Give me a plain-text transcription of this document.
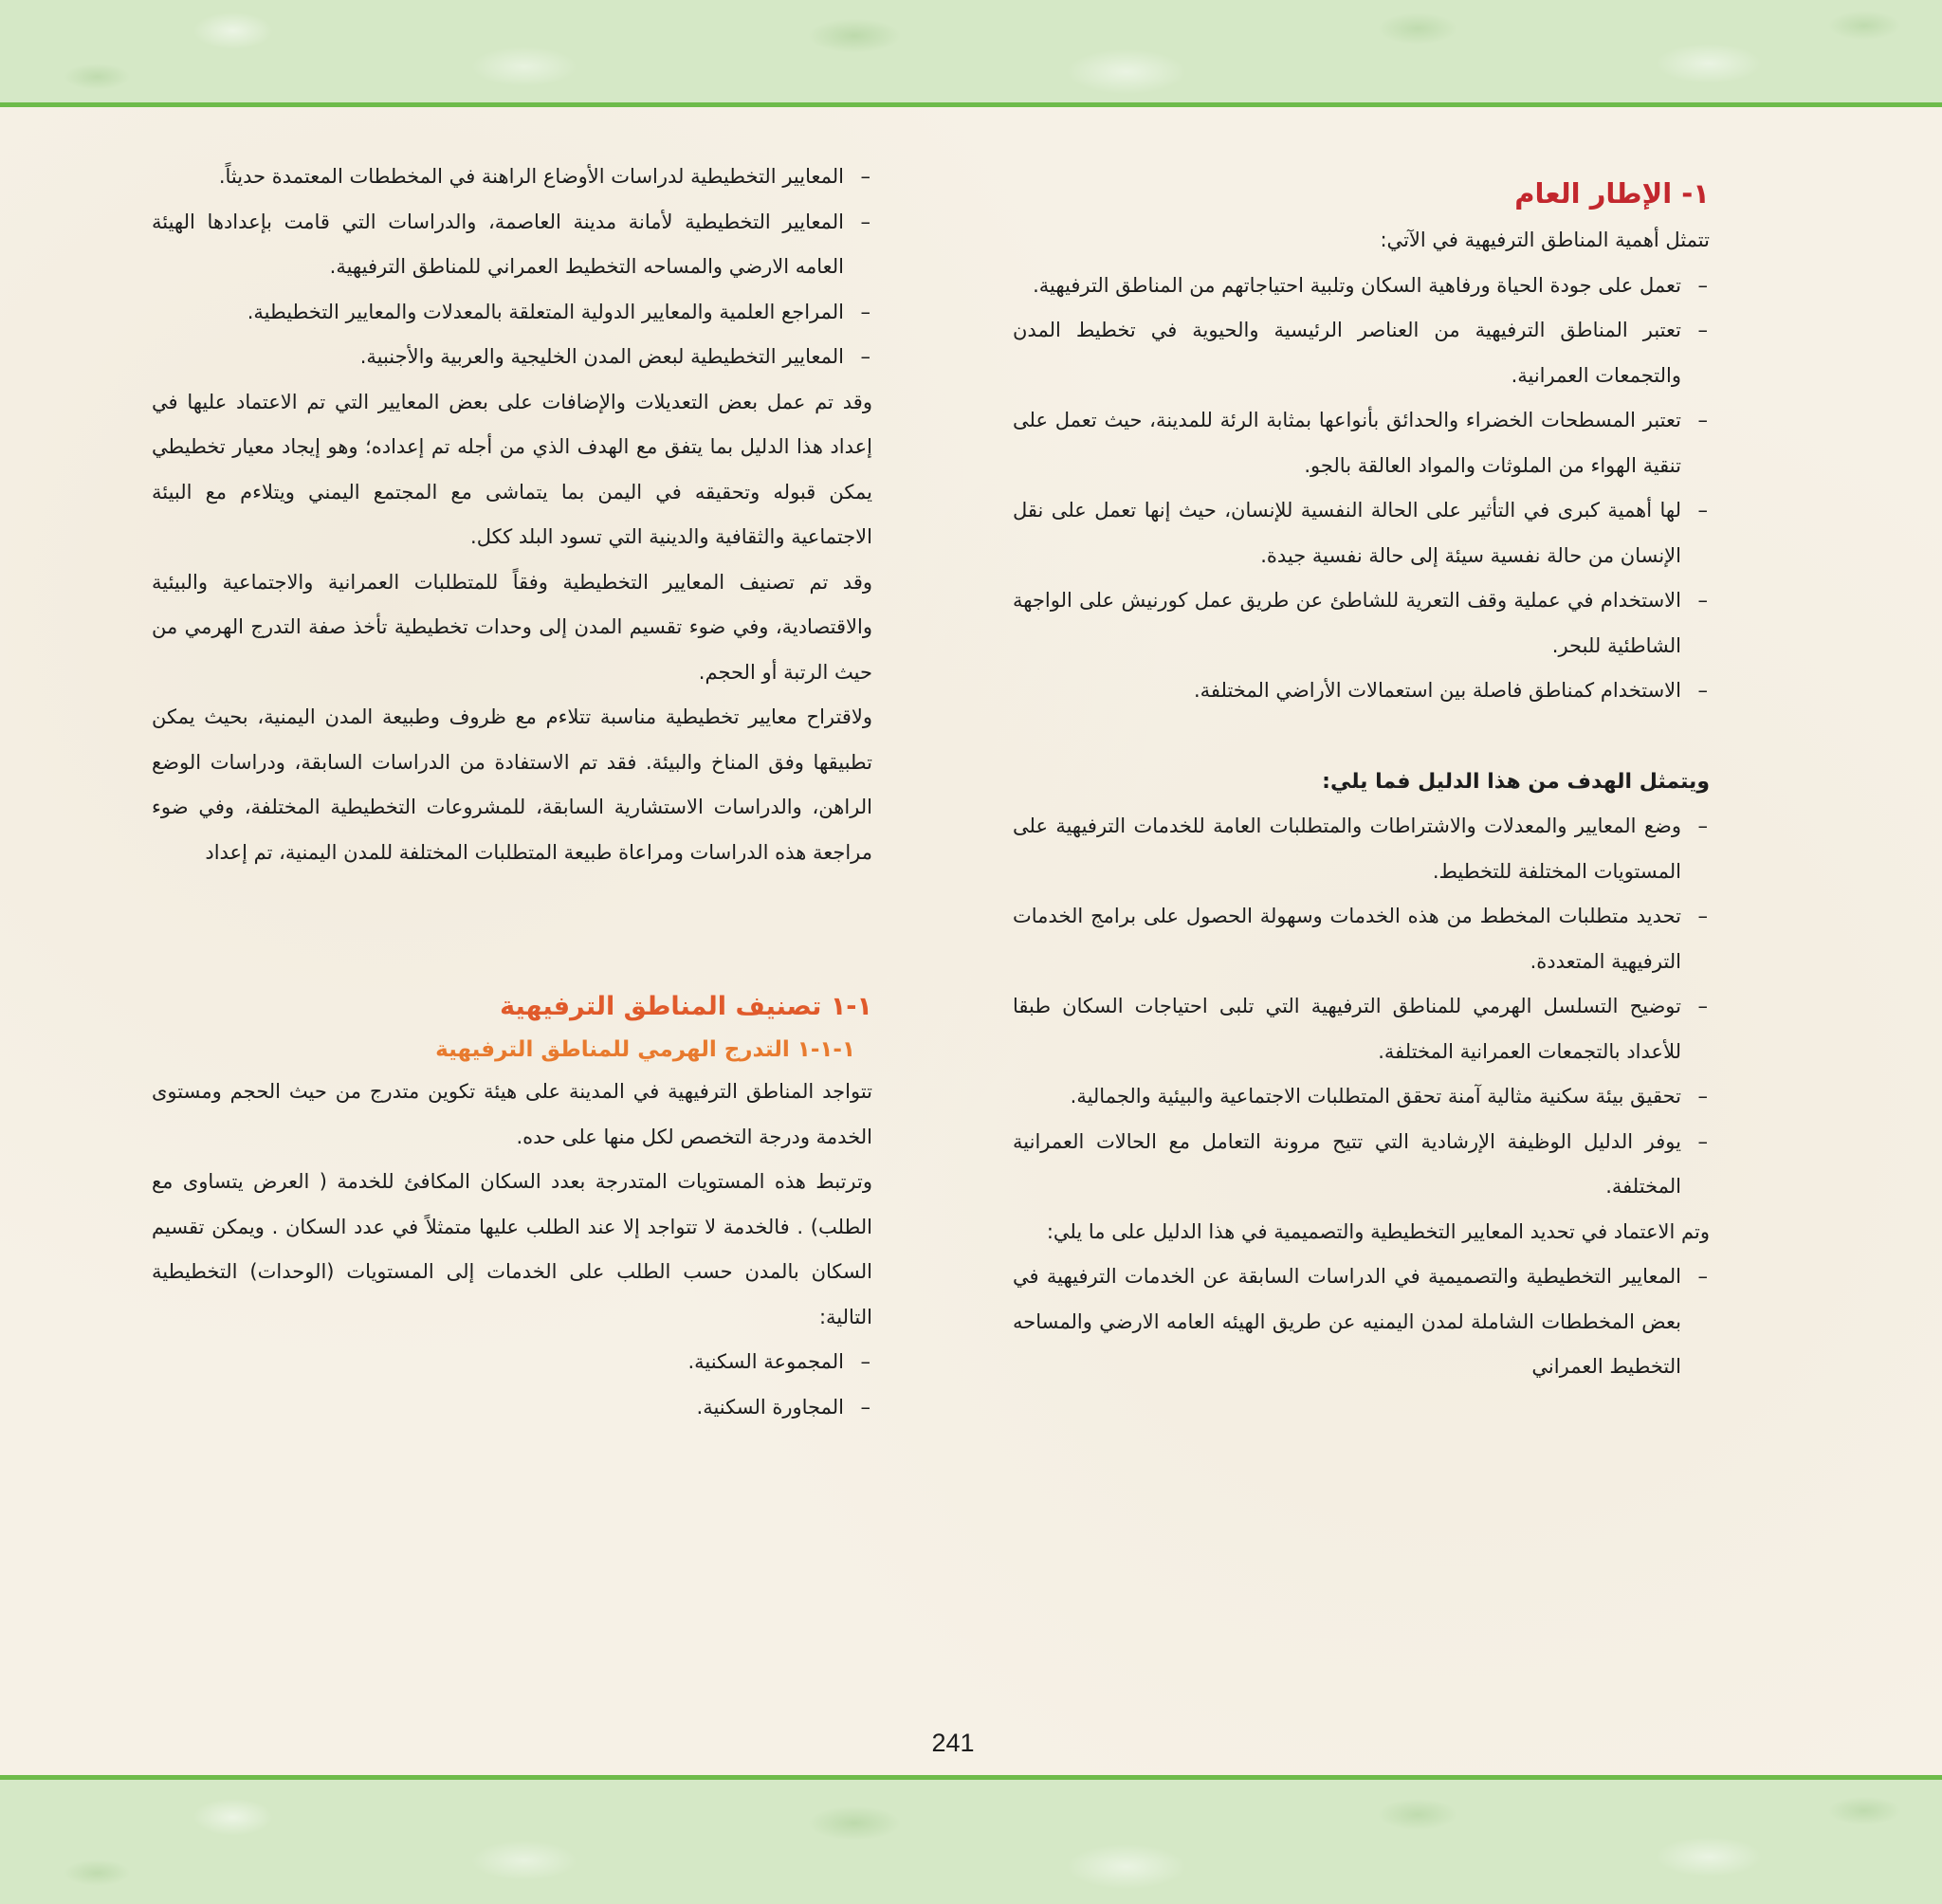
١- الإطار العام

تتمثل أهمية المناطق الترفيهية في الآتي:

– تعمل على جودة الحياة ورفاهية السكان وتلبية احتياجاتهم من المناطق الترفيهية.
– تعتبر المناطق الترفيهية من العناصر الرئيسية والحيوية في تخطيط المدن والتجمعات العمرانية.
– تعتبر المسطحات الخضراء والحدائق بأنواعها بمثابة الرئة للمدينة، حيث تعمل على تنقية الهواء من الملوثات والمواد العالقة بالجو.
– لها أهمية كبرى في التأثير على الحالة النفسية للإنسان، حيث إنها تعمل على نقل الإنسان من حالة نفسية سيئة إلى حالة نفسية جيدة.
– الاستخدام في عملية وقف التعرية للشاطئ عن طريق عمل كورنيش على الواجهة الشاطئية للبحر.
– الاستخدام كمناطق فاصلة بين استعمالات الأراضي المختلفة.

ويتمثل الهدف من هذا الدليل فما يلي:

– وضع المعايير والمعدلات والاشتراطات والمتطلبات العامة للخدمات الترفيهية على المستويات المختلفة للتخطيط.
– تحديد متطلبات المخطط من هذه الخدمات وسهولة الحصول على برامج الخدمات الترفيهية المتعددة.
– توضيح التسلسل الهرمي للمناطق الترفيهية التي تلبى احتياجات السكان طبقا للأعداد بالتجمعات العمرانية المختلفة.
– تحقيق بيئة سكنية مثالية آمنة تحقق المتطلبات الاجتماعية والبيئية والجمالية.
– يوفر الدليل الوظيفة الإرشادية التي تتيح مرونة التعامل مع الحالات العمرانية المختلفة.

وتم الاعتماد في تحديد المعايير التخطيطية والتصميمية في هذا الدليل على ما يلي:

– المعايير التخطيطية والتصميمية في الدراسات السابقة عن الخدمات الترفيهية في بعض المخططات الشاملة لمدن اليمنيه عن طريق الهيئه العامه الارضي والمساحه التخطيط العمراني
– المعايير التخطيطية لدراسات الأوضاع الراهنة في المخططات المعتمدة حديثاً.
– المعايير التخطيطية لأمانة مدينة العاصمة، والدراسات التي قامت بإعدادها الهيئة العامه الارضي والمساحه التخطيط العمراني للمناطق الترفيهية.
– المراجع العلمية والمعايير الدولية المتعلقة بالمعدلات والمعايير التخطيطية.
– المعايير التخطيطية لبعض المدن الخليجية والعربية والأجنبية.

وقد تم عمل بعض التعديلات والإضافات على بعض المعايير التي تم الاعتماد عليها في إعداد هذا الدليل بما يتفق مع الهدف الذي من أجله تم إعداده؛ وهو إيجاد معيار تخطيطي يمكن قبوله وتحقيقه في اليمن بما يتماشى مع المجتمع اليمني ويتلاءم مع البيئة الاجتماعية والثقافية والدينية التي تسود البلد ككل.

وقد تم تصنيف المعايير التخطيطية وفقاً للمتطلبات العمرانية والاجتماعية والبيئية والاقتصادية، وفي ضوء تقسيم المدن إلى وحدات تخطيطية تأخذ صفة التدرج الهرمي من حيث الرتبة أو الحجم.

ولاقتراح معايير تخطيطية مناسبة تتلاءم مع ظروف وطبيعة المدن اليمنية، بحيث يمكن تطبيقها وفق المناخ والبيئة. فقد تم الاستفادة من الدراسات السابقة، ودراسات الوضع الراهن، والدراسات الاستشارية السابقة، للمشروعات التخطيطية المختلفة، وفي ضوء مراجعة هذه الدراسات ومراعاة طبيعة المتطلبات المختلفة للمدن اليمنية، تم إعداد

١-١ تصنيف المناطق الترفيهية

١-١-١ التدرج الهرمي للمناطق الترفيهية

تتواجد المناطق الترفيهية في المدينة على هيئة تكوين متدرج من حيث الحجم ومستوى الخدمة ودرجة التخصص لكل منها على حده.

وترتبط هذه المستويات المتدرجة بعدد السكان المكافئ للخدمة ( العرض يتساوى مع الطلب) . فالخدمة لا تتواجد إلا عند الطلب عليها متمثلاً في عدد السكان . ويمكن تقسيم السكان بالمدن حسب الطلب على الخدمات إلى المستويات (الوحدات) التخطيطية التالية:

– المجموعة السكنية.
– المجاورة السكنية.
241
